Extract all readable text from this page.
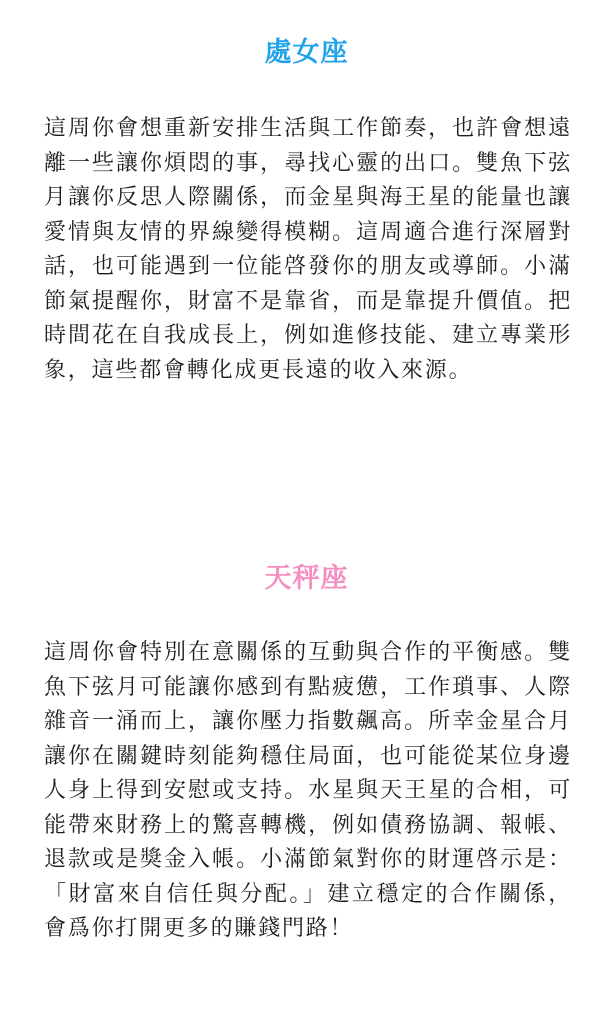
處女座

這周你會想重新安排生活與工作節奏，也許會想遠離一些讓你煩悶的事，尋找心靈的出口。雙魚下弦月讓你反思人際關係，而金星與海王星的能量也讓愛情與友情的界線變得模糊。這周適合進行深層對話，也可能遇到一位能啓發你的朋友或導師。小滿節氣提醒你，財富不是靠省，而是靠提升價值。把時間花在自我成長上，例如進修技能、建立專業形象，這些都會轉化成更長遠的收入來源。

天秤座

這周你會特別在意關係的互動與合作的平衡感。雙魚下弦月可能讓你感到有點疲憊，工作瑣事、人際雜音一涌而上，讓你壓力指數飆高。所幸金星合月讓你在關鍵時刻能夠穩住局面，也可能從某位身邊人身上得到安慰或支持。水星與天王星的合相，可能帶來財務上的驚喜轉機，例如債務協調、報帳、退款或是獎金入帳。小滿節氣對你的財運啓示是：「財富來自信任與分配。」建立穩定的合作關係，會爲你打開更多的賺錢門路！
